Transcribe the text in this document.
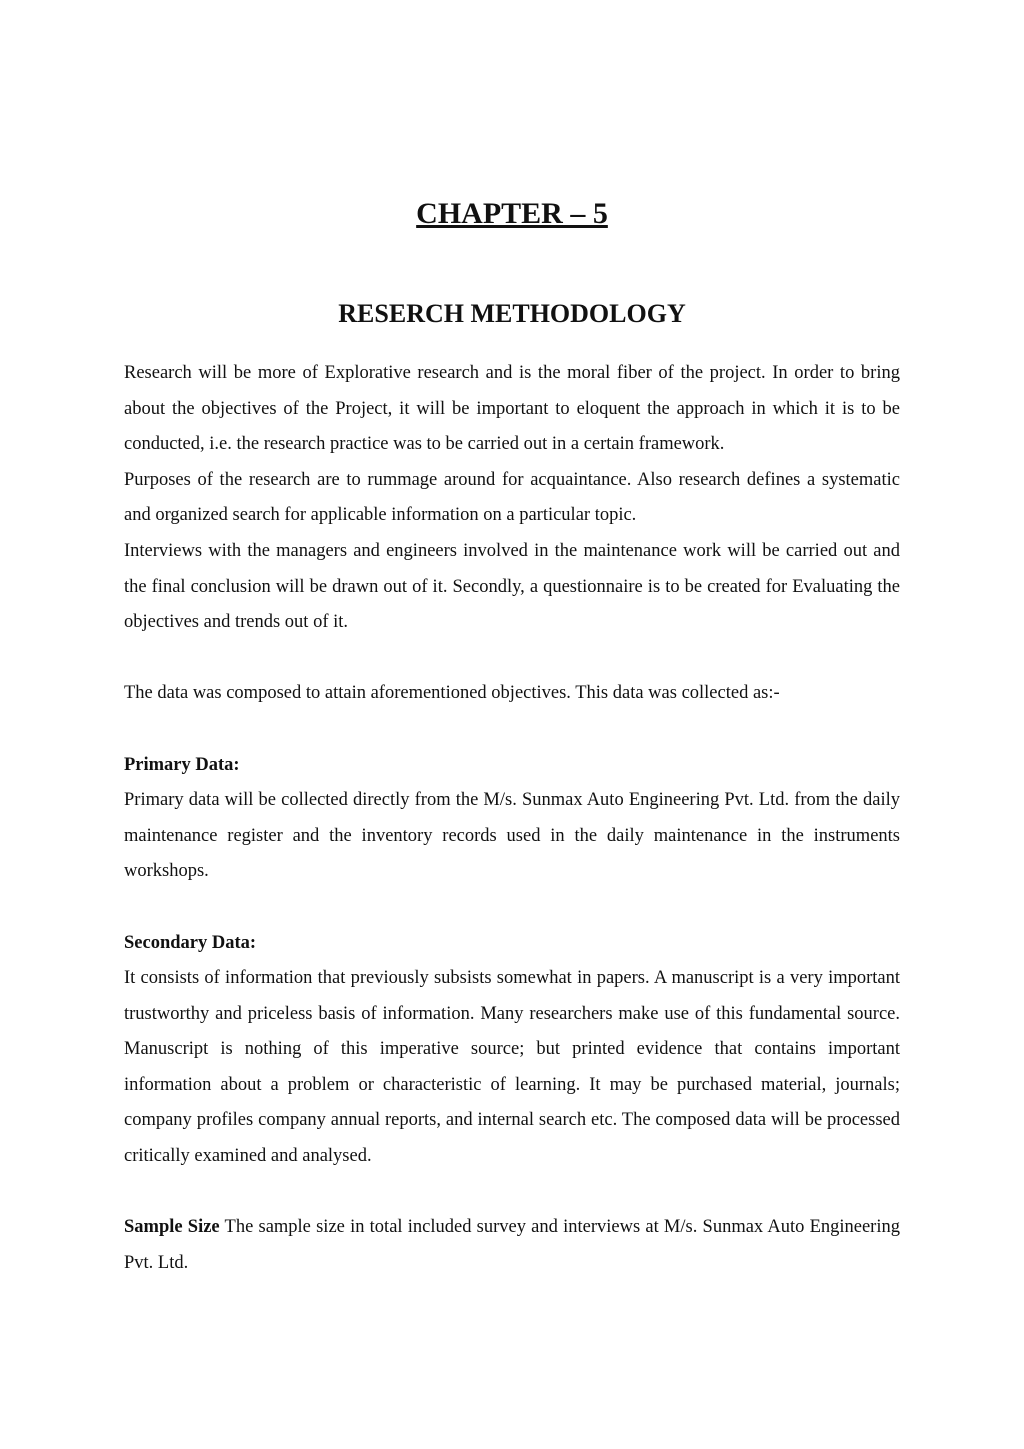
CHAPTER – 5
RESERCH METHODOLOGY

Research will be more of Explorative research and is the moral fiber of the project. In order to bring about the objectives of the Project, it will be important to eloquent the approach in which it is to be conducted, i.e. the research practice was to be carried out in a certain framework.

Purposes of the research are to rummage around for acquaintance. Also research defines a systematic and organized search for applicable information on a particular topic.

Interviews with the managers and engineers involved in the maintenance work will be carried out and the final conclusion will be drawn out of it. Secondly, a questionnaire is to be created for Evaluating the objectives and trends out of it.

The data was composed to attain aforementioned objectives. This data was collected as:-

Primary Data:

Primary data will be collected directly from the M/s. Sunmax Auto Engineering Pvt. Ltd. from the daily maintenance register and the inventory records used in the daily maintenance in the instruments workshops.

Secondary Data:

It consists of information that previously subsists somewhat in papers. A manuscript is a very important trustworthy and priceless basis of information. Many researchers make use of this fundamental source. Manuscript is nothing of this imperative source; but printed evidence that contains important information about a problem or characteristic of learning. It may be purchased material, journals; company profiles company annual reports, and internal search etc. The composed data will be processed critically examined and analysed.

Sample Size The sample size in total included survey and interviews at M/s. Sunmax Auto Engineering Pvt. Ltd.
